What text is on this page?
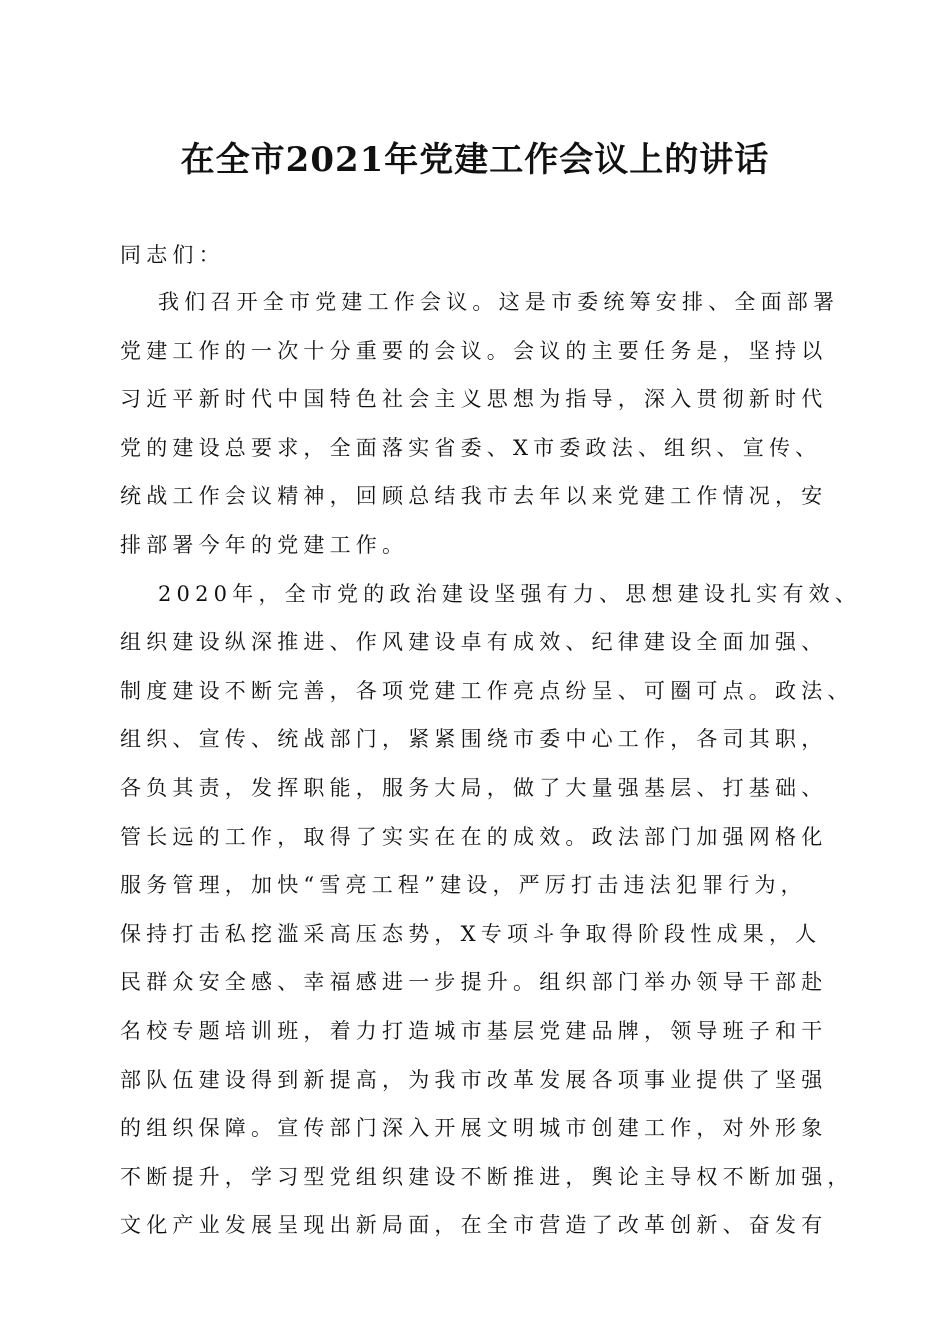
在全市2021年党建工作会议上的讲话
同志们：
我们召开全市党建工作会议。这是市委统筹安排、全面部署
党建工作的一次十分重要的会议。会议的主要任务是，坚持以
习近平新时代中国特色社会主义思想为指导，深入贯彻新时代
党的建设总要求，全面落实省委、X市委政法、组织、宣传、
统战工作会议精神，回顾总结我市去年以来党建工作情况，安
排部署今年的党建工作。
2020年，全市党的政治建设坚强有力、思想建设扎实有效、
组织建设纵深推进、作风建设卓有成效、纪律建设全面加强、
制度建设不断完善，各项党建工作亮点纷呈、可圈可点。政法、
组织、宣传、统战部门，紧紧围绕市委中心工作，各司其职，
各负其责，发挥职能，服务大局，做了大量强基层、打基础、
管长远的工作，取得了实实在在的成效。政法部门加强网格化
服务管理，加快“雪亮工程”建设，严厉打击违法犯罪行为，
保持打击私挖滥采高压态势，X专项斗争取得阶段性成果，人
民群众安全感、幸福感进一步提升。组织部门举办领导干部赴
名校专题培训班，着力打造城市基层党建品牌，领导班子和干
部队伍建设得到新提高，为我市改革发展各项事业提供了坚强
的组织保障。宣传部门深入开展文明城市创建工作，对外形象
不断提升，学习型党组织建设不断推进，舆论主导权不断加强，
文化产业发展呈现出新局面，在全市营造了改革创新、奋发有
